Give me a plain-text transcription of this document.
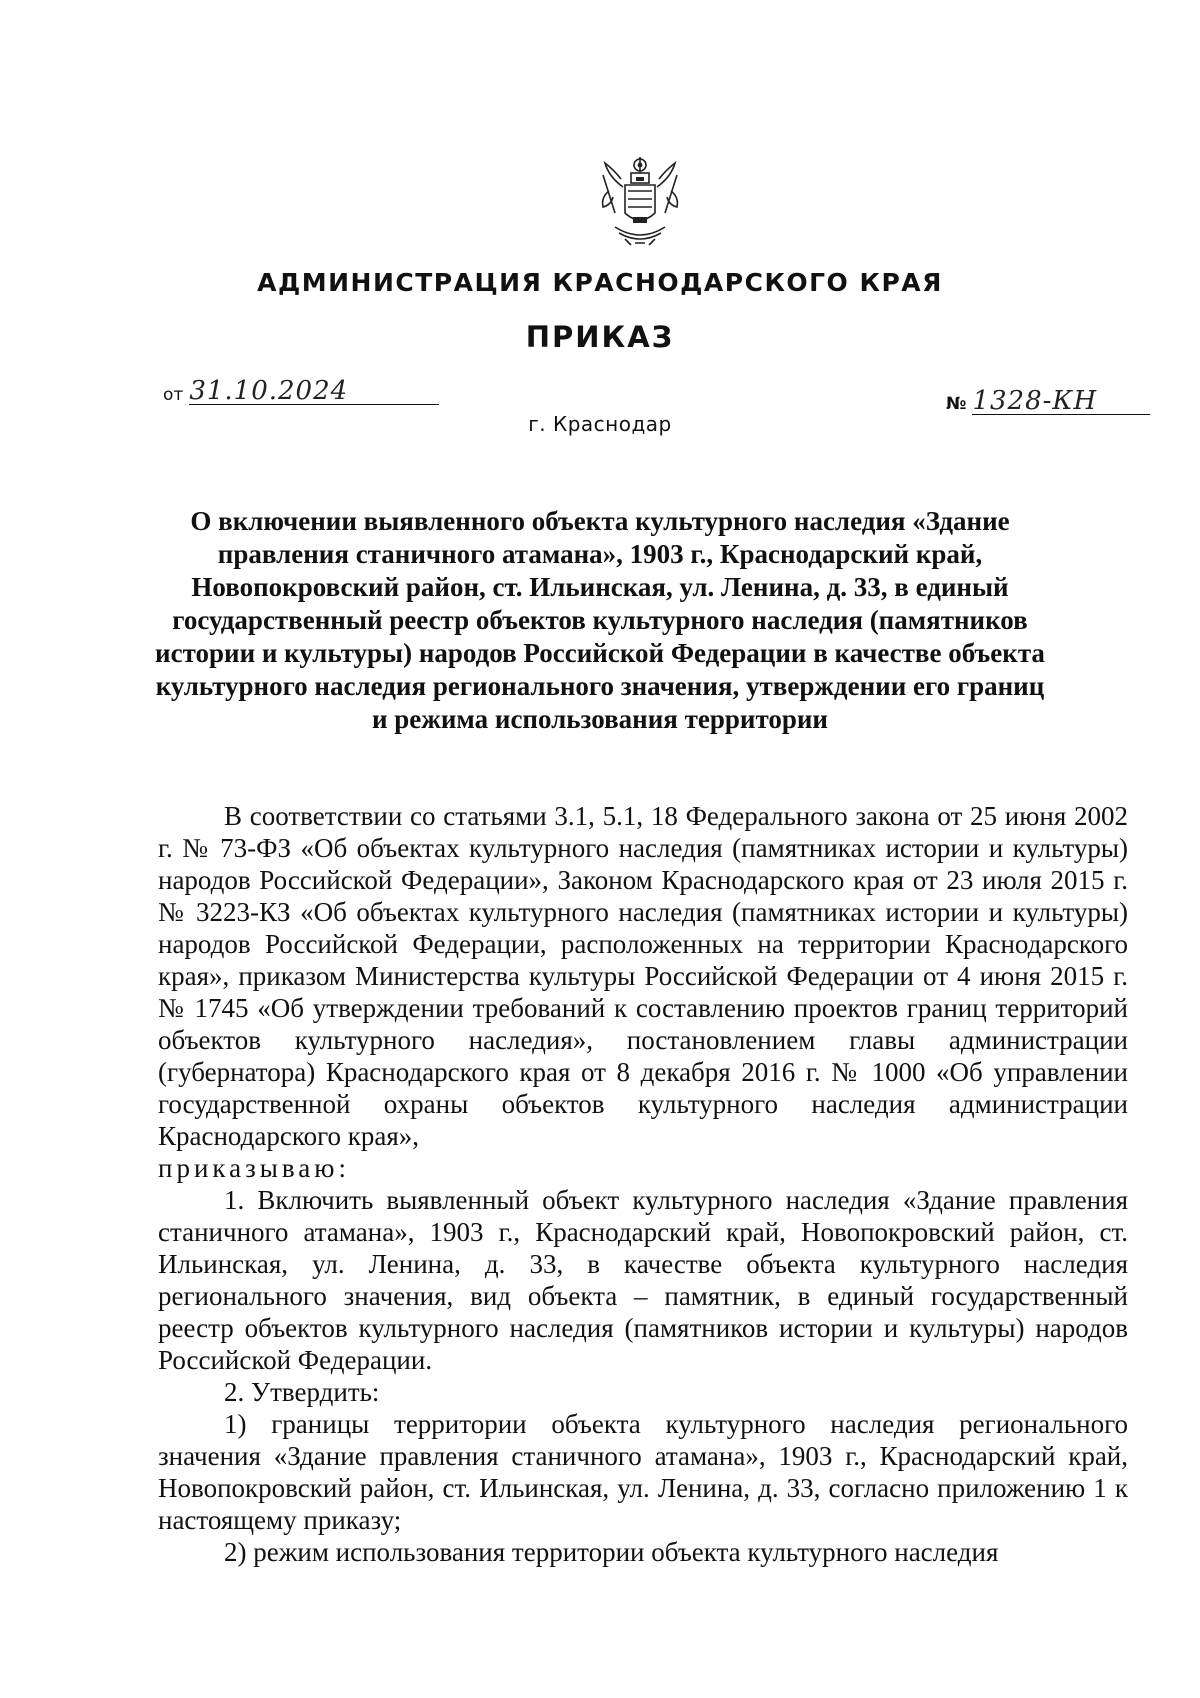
АДМИНИСТРАЦИЯ КРАСНОДАРСКОГО КРАЯ
ПРИКАЗ
от 31.10.2024	№ 1328-КН
г. Краснодар
О включении выявленного объекта культурного наследия «Здание правления станичного атамана», 1903 г., Краснодарский край, Новопокровский район, ст. Ильинская, ул. Ленина, д. 33, в единый государственный реестр объектов культурного наследия (памятников истории и культуры) народов Российской Федерации в качестве объекта культурного наследия регионального значения, утверждении его границ и режима использования территории

В соответствии со статьями 3.1, 5.1, 18 Федерального закона от 25 июня 2002 г. № 73-ФЗ «Об объектах культурного наследия (памятниках истории и культуры) народов Российской Федерации», Законом Краснодарского края от 23 июля 2015 г. № 3223-КЗ «Об объектах культурного наследия (памятниках истории и культуры) народов Российской Федерации, расположенных на территории Краснодарского края», приказом Министерства культуры Российской Федерации от 4 июня 2015 г. № 1745 «Об утверждении требований к составлению проектов границ территорий объектов культурного наследия», постановлением главы администрации (губернатора) Краснодарского края от 8 декабря 2016 г. № 1000 «Об управлении государственной охраны объектов культурного наследия администрации Краснодарского края»,

приказываю:

1. Включить выявленный объект культурного наследия «Здание правления станичного атамана», 1903 г., Краснодарский край, Новопокровский район, ст. Ильинская, ул. Ленина, д. 33, в качестве объекта культурного наследия регионального значения, вид объекта – памятник, в единый государственный реестр объектов культурного наследия (памятников истории и культуры) народов Российской Федерации.

2. Утвердить:

1) границы территории объекта культурного наследия регионального значения «Здание правления станичного атамана», 1903 г., Краснодарский край, Новопокровский район, ст. Ильинская, ул. Ленина, д. 33, согласно приложению 1 к настоящему приказу;

2) режим использования территории объекта культурного наследия
